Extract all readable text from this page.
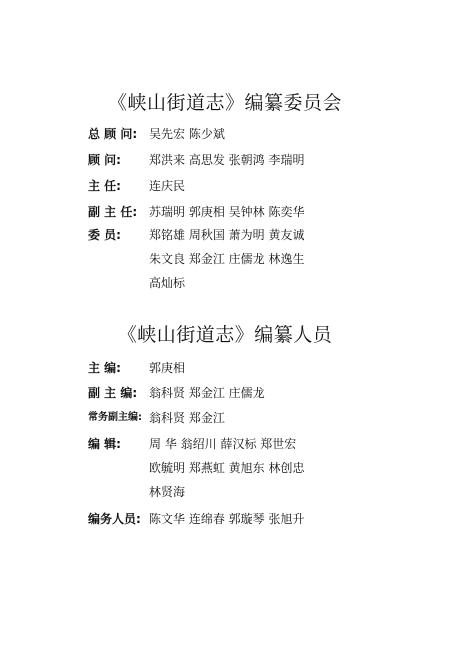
《峡山街道志》编纂委员会
总 顾 问: 吴先宏 陈少斌
顾 问: 郑洪来 高思发 张朝鸿 李瑞明
主 任: 连庆民
副 主 任: 苏瑞明 郭庚相 吴钟林 陈奕华
委 员: 郑铭雄 周秋国 萧为明 黄友诚
朱文良 郑金江 庄儒龙 林逸生
高灿标
《峡山街道志》编纂人员
主 编: 郭庚相
副 主 编: 翁科贤 郑金江 庄儒龙
常务副主编: 翁科贤 郑金江
编 辑: 周 华 翁绍川 薛汉标 郑世宏
欧毓明 郑燕虹 黄旭东 林创忠
林贤海
编务人员: 陈文华 连绵春 郭璇琴 张旭升
